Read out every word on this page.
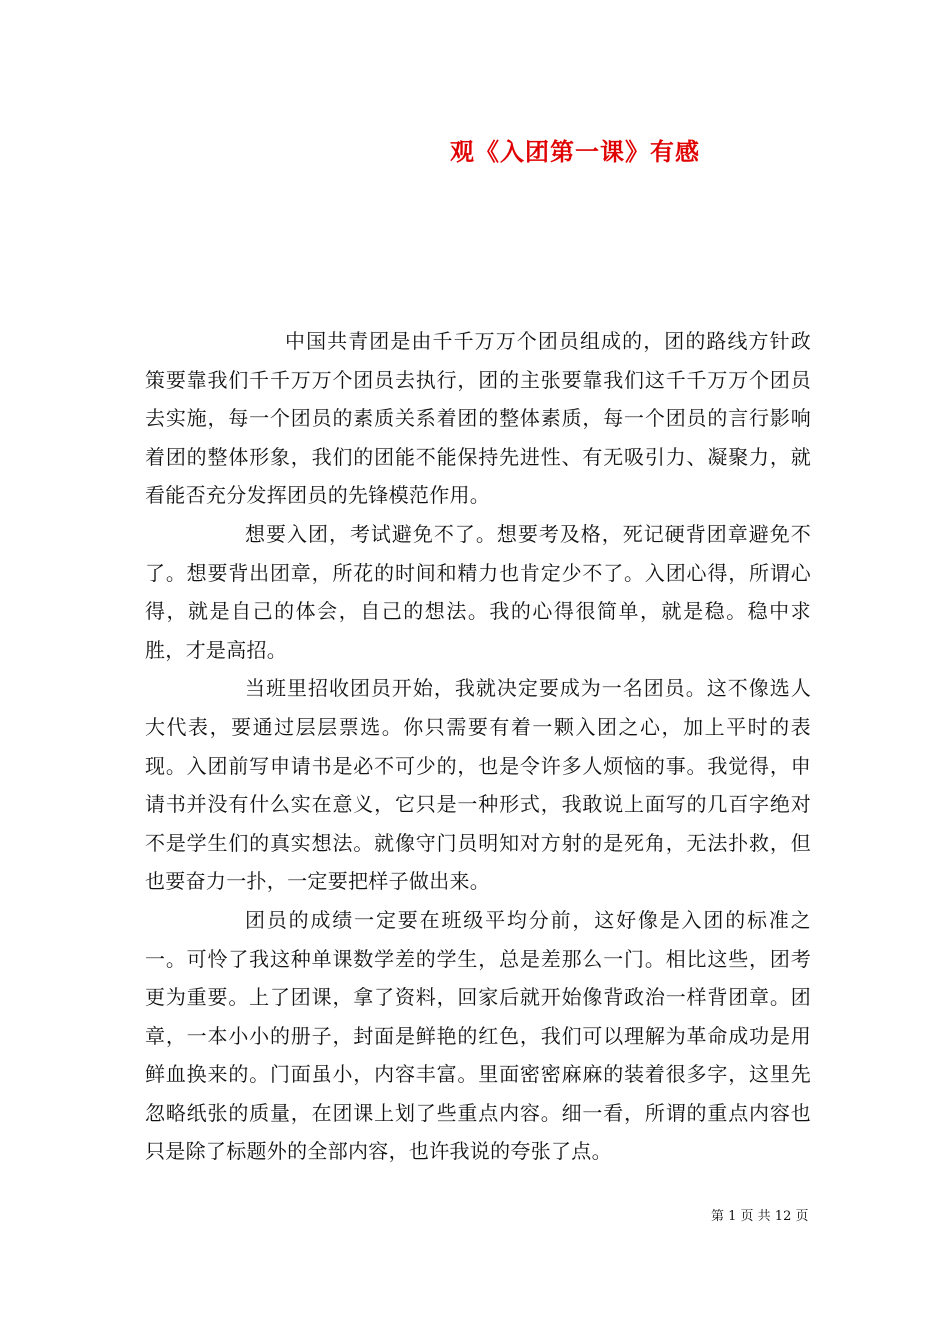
观《入团第一课》有感

中国共青团是由千千万万个团员组成的，团的路线方针政策要靠我们千千万万个团员去执行，团的主张要靠我们这千千万万个团员去实施，每一个团员的素质关系着团的整体素质，每一个团员的言行影响着团的整体形象，我们的团能不能保持先进性、有无吸引力、凝聚力，就看能否充分发挥团员的先锋模范作用。

想要入团，考试避免不了。想要考及格，死记硬背团章避免不了。想要背出团章，所花的时间和精力也肯定少不了。入团心得，所谓心得，就是自己的体会，自己的想法。我的心得很简单，就是稳。稳中求胜，才是高招。

当班里招收团员开始，我就决定要成为一名团员。这不像选人大代表，要通过层层票选。你只需要有着一颗入团之心，加上平时的表现。入团前写申请书是必不可少的，也是令许多人烦恼的事。我觉得，申请书并没有什么实在意义，它只是一种形式，我敢说上面写的几百字绝对不是学生们的真实想法。就像守门员明知对方射的是死角，无法扑救，但也要奋力一扑，一定要把样子做出来。

团员的成绩一定要在班级平均分前，这好像是入团的标准之一。可怜了我这种单课数学差的学生，总是差那么一门。相比这些，团考更为重要。上了团课，拿了资料，回家后就开始像背政治一样背团章。团章，一本小小的册子，封面是鲜艳的红色，我们可以理解为革命成功是用鲜血换来的。门面虽小，内容丰富。里面密密麻麻的装着很多字，这里先忽略纸张的质量，在团课上划了些重点内容。细一看，所谓的重点内容也只是除了标题外的全部内容，也许我说的夸张了点。

第 1 页 共 12 页
